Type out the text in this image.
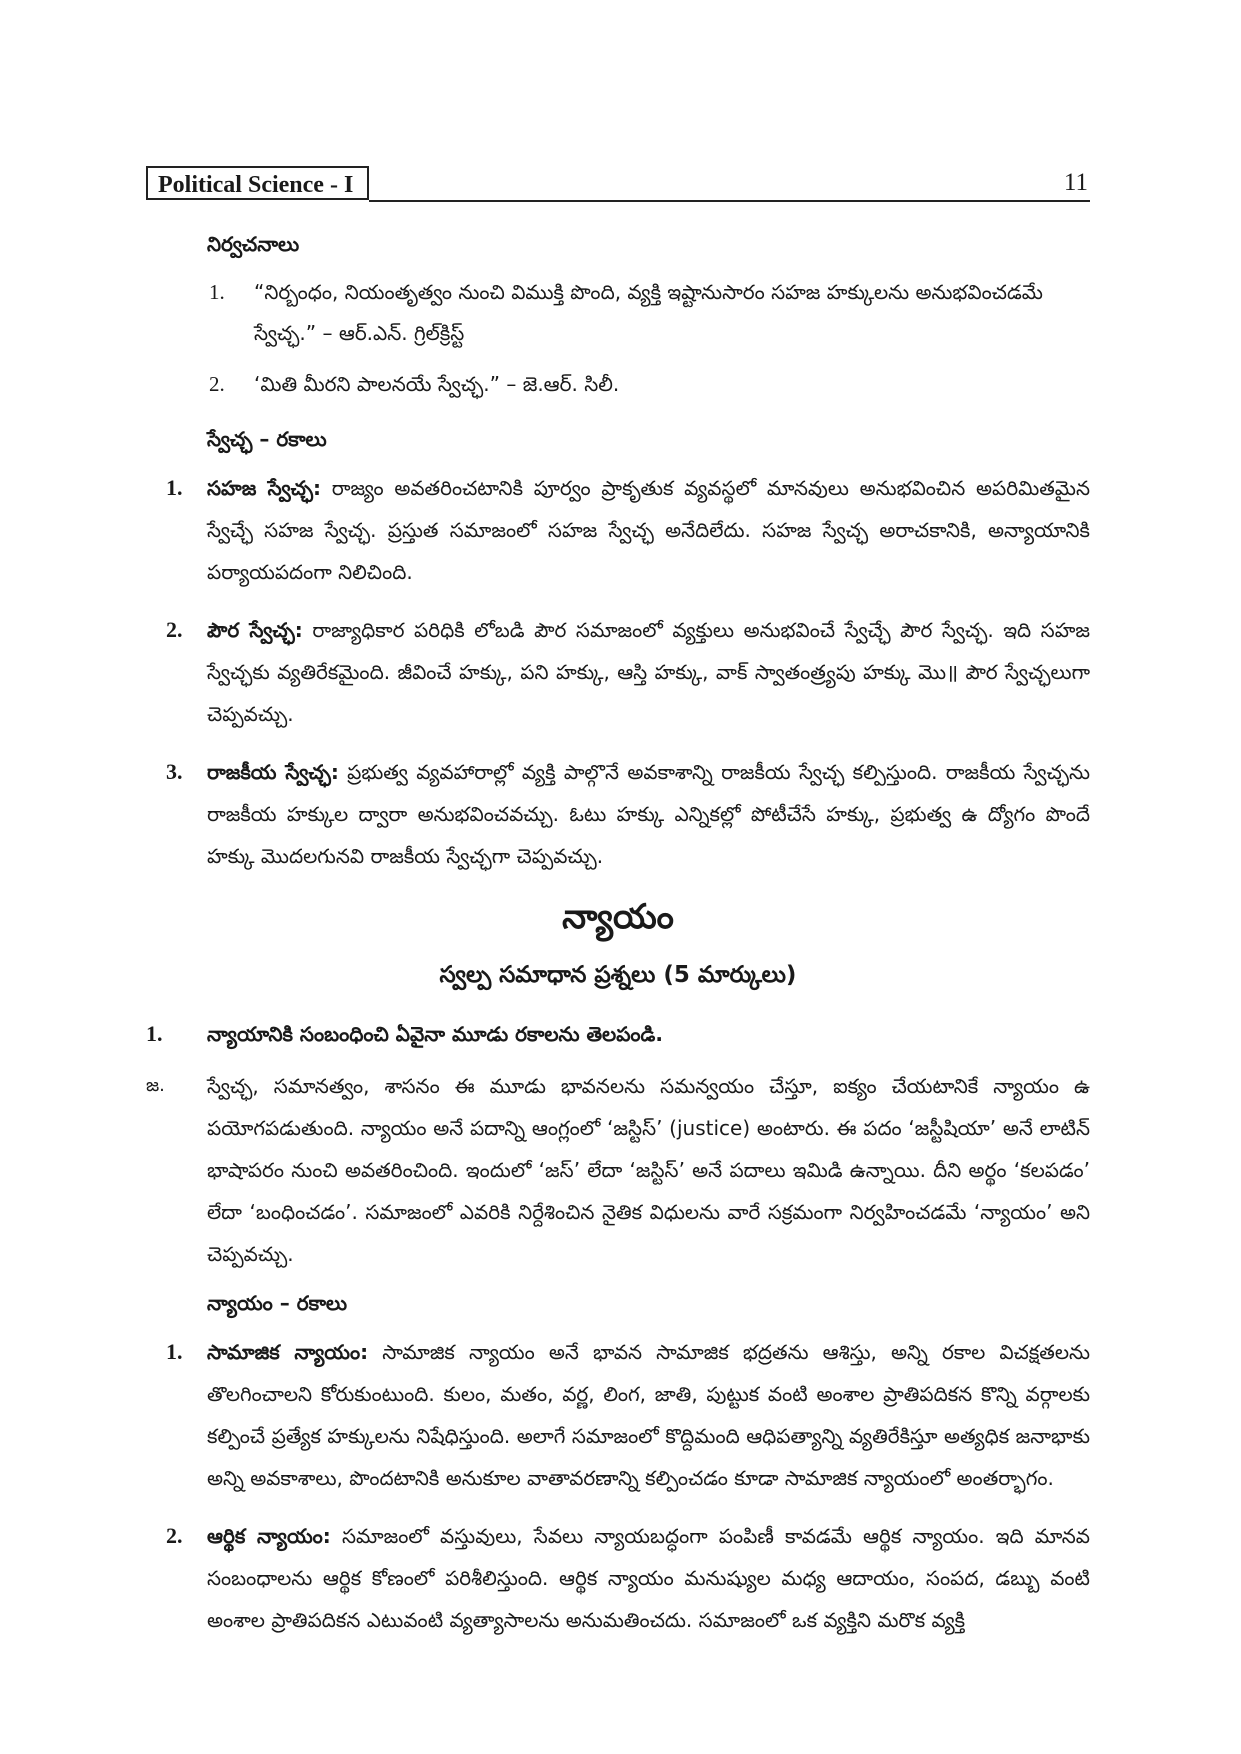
Political Science - I	11
నిర్వచనాలు

1. “నిర్బంధం, నియంతృత్వం నుంచి విముక్తి పొంది, వ్యక్తి ఇష్టానుసారం సహజ హక్కులను అనుభవించడమే స్వేచ్ఛ.” – ఆర్.ఎన్. గ్రిల్‌క్రిస్ట్

2. ‘మితి మీరని పాలనయే స్వేచ్ఛ.” – జె.ఆర్. సిలీ.

స్వేచ్ఛ – రకాలు

1. సహజ స్వేచ్ఛ: రాజ్యం అవతరించటానికి పూర్వం ప్రాకృతుక వ్యవస్థలో మానవులు అనుభవించిన అపరిమితమైన స్వేచ్ఛే సహజ స్వేచ్ఛ. ప్రస్తుత సమాజంలో సహజ స్వేచ్ఛ అనేదిలేదు. సహజ స్వేచ్ఛ అరాచకానికి, అన్యాయానికి పర్యాయపదంగా నిలిచింది.

2. పౌర స్వేచ్ఛ: రాజ్యాధికార పరిధికి లోబడి పౌర సమాజంలో వ్యక్తులు అనుభవించే స్వేచ్ఛే పౌర స్వేచ్ఛ. ఇది సహజ స్వేచ్ఛకు వ్యతిరేకమైంది. జీవించే హక్కు, పని హక్కు, ఆస్తి హక్కు, వాక్ స్వాతంత్ర్యపు హక్కు మొ॥ పౌర స్వేచ్ఛలుగా చెప్పవచ్చు.

3. రాజకీయ స్వేచ్ఛ: ప్రభుత్వ వ్యవహారాల్లో వ్యక్తి పాల్గొనే అవకాశాన్ని రాజకీయ స్వేచ్ఛ కల్పిస్తుంది. రాజకీయ స్వేచ్ఛను రాజకీయ హక్కుల ద్వారా అనుభవించవచ్చు. ఓటు హక్కు ఎన్నికల్లో పోటీచేసే హక్కు, ప్రభుత్వ ఉ ద్యోగం పొందే హక్కు మొదలగునవి రాజకీయ స్వేచ్ఛగా చెప్పవచ్చు.

న్యాయం
స్వల్ప సమాధాన ప్రశ్నలు (5 మార్కులు)

1. న్యాయానికి సంబంధించి ఏవైనా మూడు రకాలను తెలపండి.

జ. స్వేచ్ఛ, సమానత్వం, శాసనం ఈ మూడు భావనలను సమన్వయం చేస్తూ, ఐక్యం చేయటానికే న్యాయం ఉ పయోగపడుతుంది. న్యాయం అనే పదాన్ని ఆంగ్లంలో ‘జస్టిస్’ (justice) అంటారు. ఈ పదం ‘జస్టీషియా’ అనే లాటిన్ భాషాపరం నుంచి అవతరించింది. ఇందులో ‘జస్’ లేదా ‘జస్టిస్’ అనే పదాలు ఇమిడి ఉన్నాయి. దీని అర్థం ‘కలపడం’ లేదా ‘బంధించడం’. సమాజంలో ఎవరికి నిర్దేశించిన నైతిక విధులను వారే సక్రమంగా నిర్వహించడమే ‘న్యాయం’ అని చెప్పవచ్చు.

న్యాయం – రకాలు

1. సామాజిక న్యాయం: సామాజిక న్యాయం అనే భావన సామాజిక భద్రతను ఆశిస్తు, అన్ని రకాల విచక్షతలను తొలగించాలని కోరుకుంటుంది. కులం, మతం, వర్ణ, లింగ, జాతి, పుట్టుక వంటి అంశాల ప్రాతిపదికన కొన్ని వర్గాలకు కల్పించే ప్రత్యేక హక్కులను నిషేధిస్తుంది. అలాగే సమాజంలో కొద్దిమంది ఆధిపత్యాన్ని వ్యతిరేకిస్తూ అత్యధిక జనాభాకు అన్ని అవకాశాలు, పొందటానికి అనుకూల వాతావరణాన్ని కల్పించడం కూడా సామాజిక న్యాయంలో అంతర్భాగం.

2. ఆర్థిక న్యాయం: సమాజంలో వస్తువులు, సేవలు న్యాయబద్ధంగా పంపిణీ కావడమే ఆర్థిక న్యాయం. ఇది మానవ సంబంధాలను ఆర్థిక కోణంలో పరిశీలిస్తుంది. ఆర్థిక న్యాయం మనుష్యుల మధ్య ఆదాయం, సంపద, డబ్బు వంటి అంశాల ప్రాతిపదికన ఎటువంటి వ్యత్యాసాలను అనుమతించదు. సమాజంలో ఒక వ్యక్తిని మరొక వ్యక్తి
